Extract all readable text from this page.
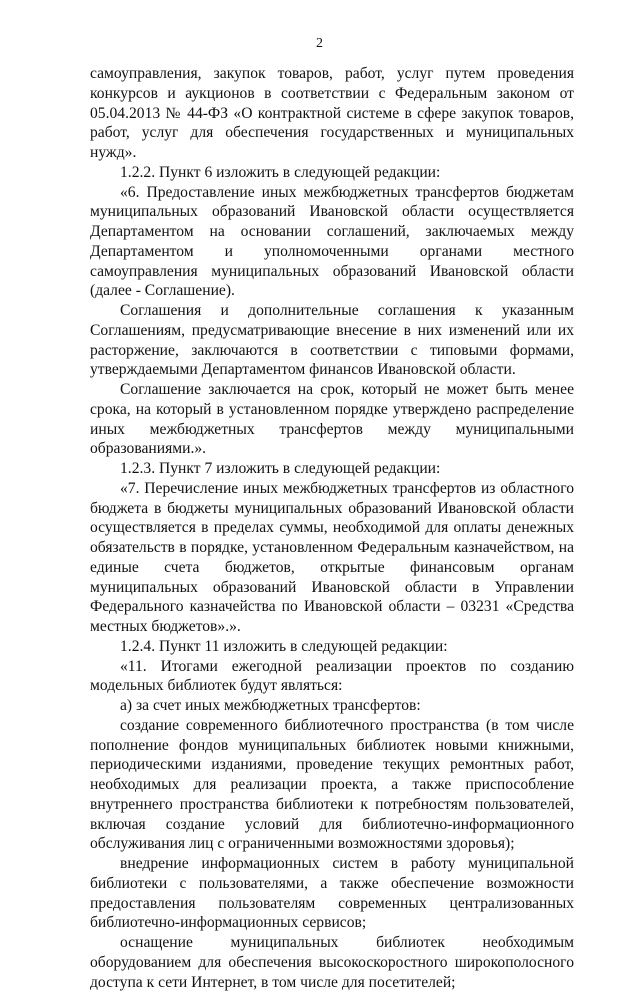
2

самоуправления, закупок товаров, работ, услуг путем проведения конкурсов и аукционов в соответствии с Федеральным законом от 05.04.2013 № 44-ФЗ «О контрактной системе в сфере закупок товаров, работ, услуг для обеспечения государственных и муниципальных нужд».

1.2.2. Пункт 6 изложить в следующей редакции:

«6. Предоставление иных межбюджетных трансфертов бюджетам муниципальных образований Ивановской области осуществляется Департаментом на основании соглашений, заключаемых между Департаментом и уполномоченными органами местного самоуправления муниципальных образований Ивановской области (далее - Соглашение).

Соглашения и дополнительные соглашения к указанным Соглашениям, предусматривающие внесение в них изменений или их расторжение, заключаются в соответствии с типовыми формами, утверждаемыми Департаментом финансов Ивановской области.

Соглашение заключается на срок, который не может быть менее срока, на который в установленном порядке утверждено распределение иных межбюджетных трансфертов между муниципальными образованиями.».

1.2.3. Пункт 7 изложить в следующей редакции:

«7. Перечисление иных межбюджетных трансфертов из областного бюджета в бюджеты муниципальных образований Ивановской области осуществляется в пределах суммы, необходимой для оплаты денежных обязательств в порядке, установленном Федеральным казначейством, на единые счета бюджетов, открытые финансовым органам муниципальных образований Ивановской области в Управлении Федерального казначейства по Ивановской области – 03231 «Средства местных бюджетов».».

1.2.4. Пункт 11 изложить в следующей редакции:

«11. Итогами ежегодной реализации проектов по созданию модельных библиотек будут являться:

а) за счет иных межбюджетных трансфертов:

создание современного библиотечного пространства (в том числе пополнение фондов муниципальных библиотек новыми книжными, периодическими изданиями, проведение текущих ремонтных работ, необходимых для реализации проекта, а также приспособление внутреннего пространства библиотеки к потребностям пользователей, включая создание условий для библиотечно-информационного обслуживания лиц с ограниченными возможностями здоровья);

внедрение информационных систем в работу муниципальной библиотеки с пользователями, а также обеспечение возможности предоставления пользователям современных централизованных библиотечно-информационных сервисов;

оснащение муниципальных библиотек необходимым оборудованием для обеспечения высокоскоростного широкополосного доступа к сети Интернет, в том числе для посетителей;
